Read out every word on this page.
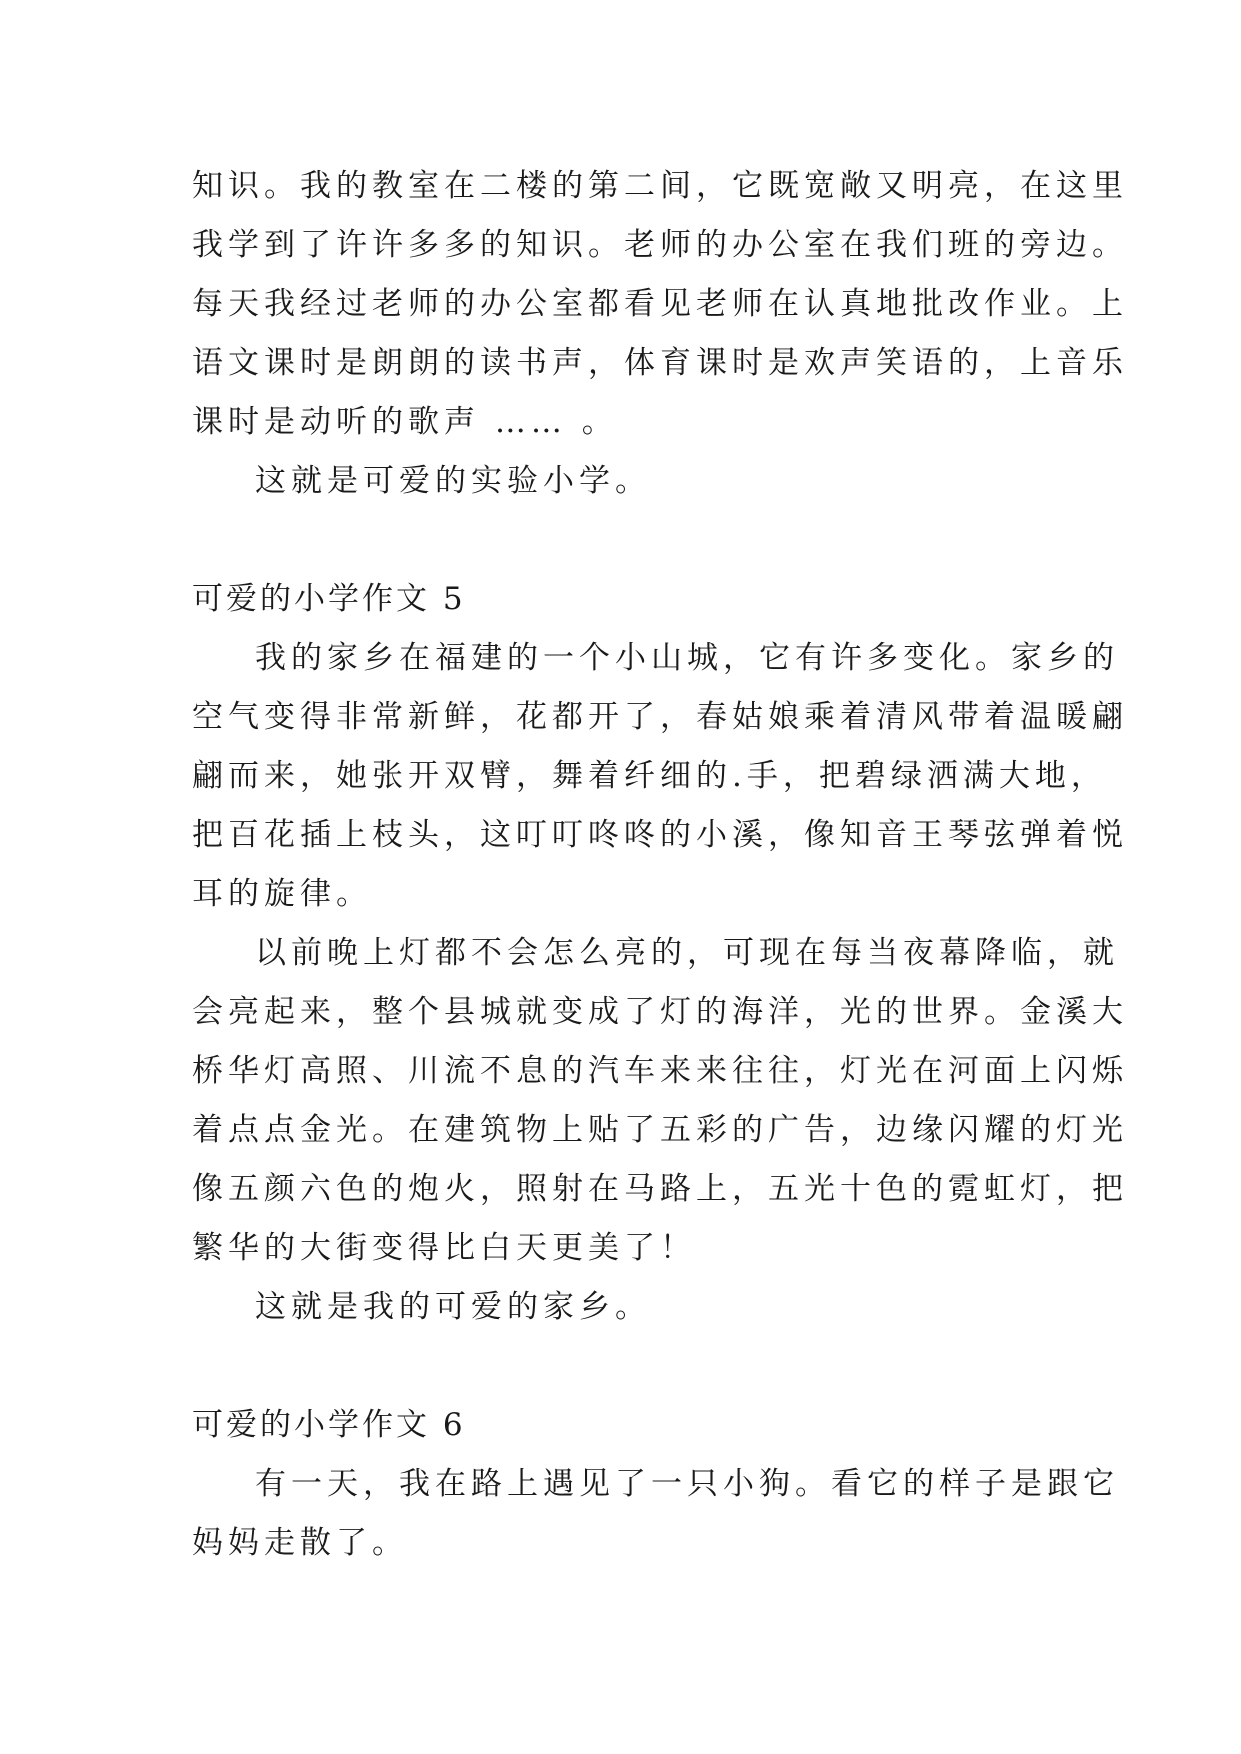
知识。我的教室在二楼的第二间，它既宽敞又明亮，在这里
我学到了许许多多的知识。老师的办公室在我们班的旁边。
每天我经过老师的办公室都看见老师在认真地批改作业。上
语文课时是朗朗的读书声，体育课时是欢声笑语的，上音乐
课时是动听的歌声 …… 。
这就是可爱的实验小学。
可爱的小学作文 5
我的家乡在福建的一个小山城，它有许多变化。家乡的
空气变得非常新鲜，花都开了，春姑娘乘着清风带着温暖翩
翩而来，她张开双臂，舞着纤细的.手，把碧绿洒满大地，
把百花插上枝头，这叮叮咚咚的小溪，像知音王琴弦弹着悦
耳的旋律。
以前晚上灯都不会怎么亮的，可现在每当夜幕降临，就
会亮起来，整个县城就变成了灯的海洋，光的世界。金溪大
桥华灯高照、川流不息的汽车来来往往，灯光在河面上闪烁
着点点金光。在建筑物上贴了五彩的广告，边缘闪耀的灯光
像五颜六色的炮火，照射在马路上，五光十色的霓虹灯，把
繁华的大街变得比白天更美了！
这就是我的可爱的家乡。
可爱的小学作文 6
有一天，我在路上遇见了一只小狗。看它的样子是跟它
妈妈走散了。
